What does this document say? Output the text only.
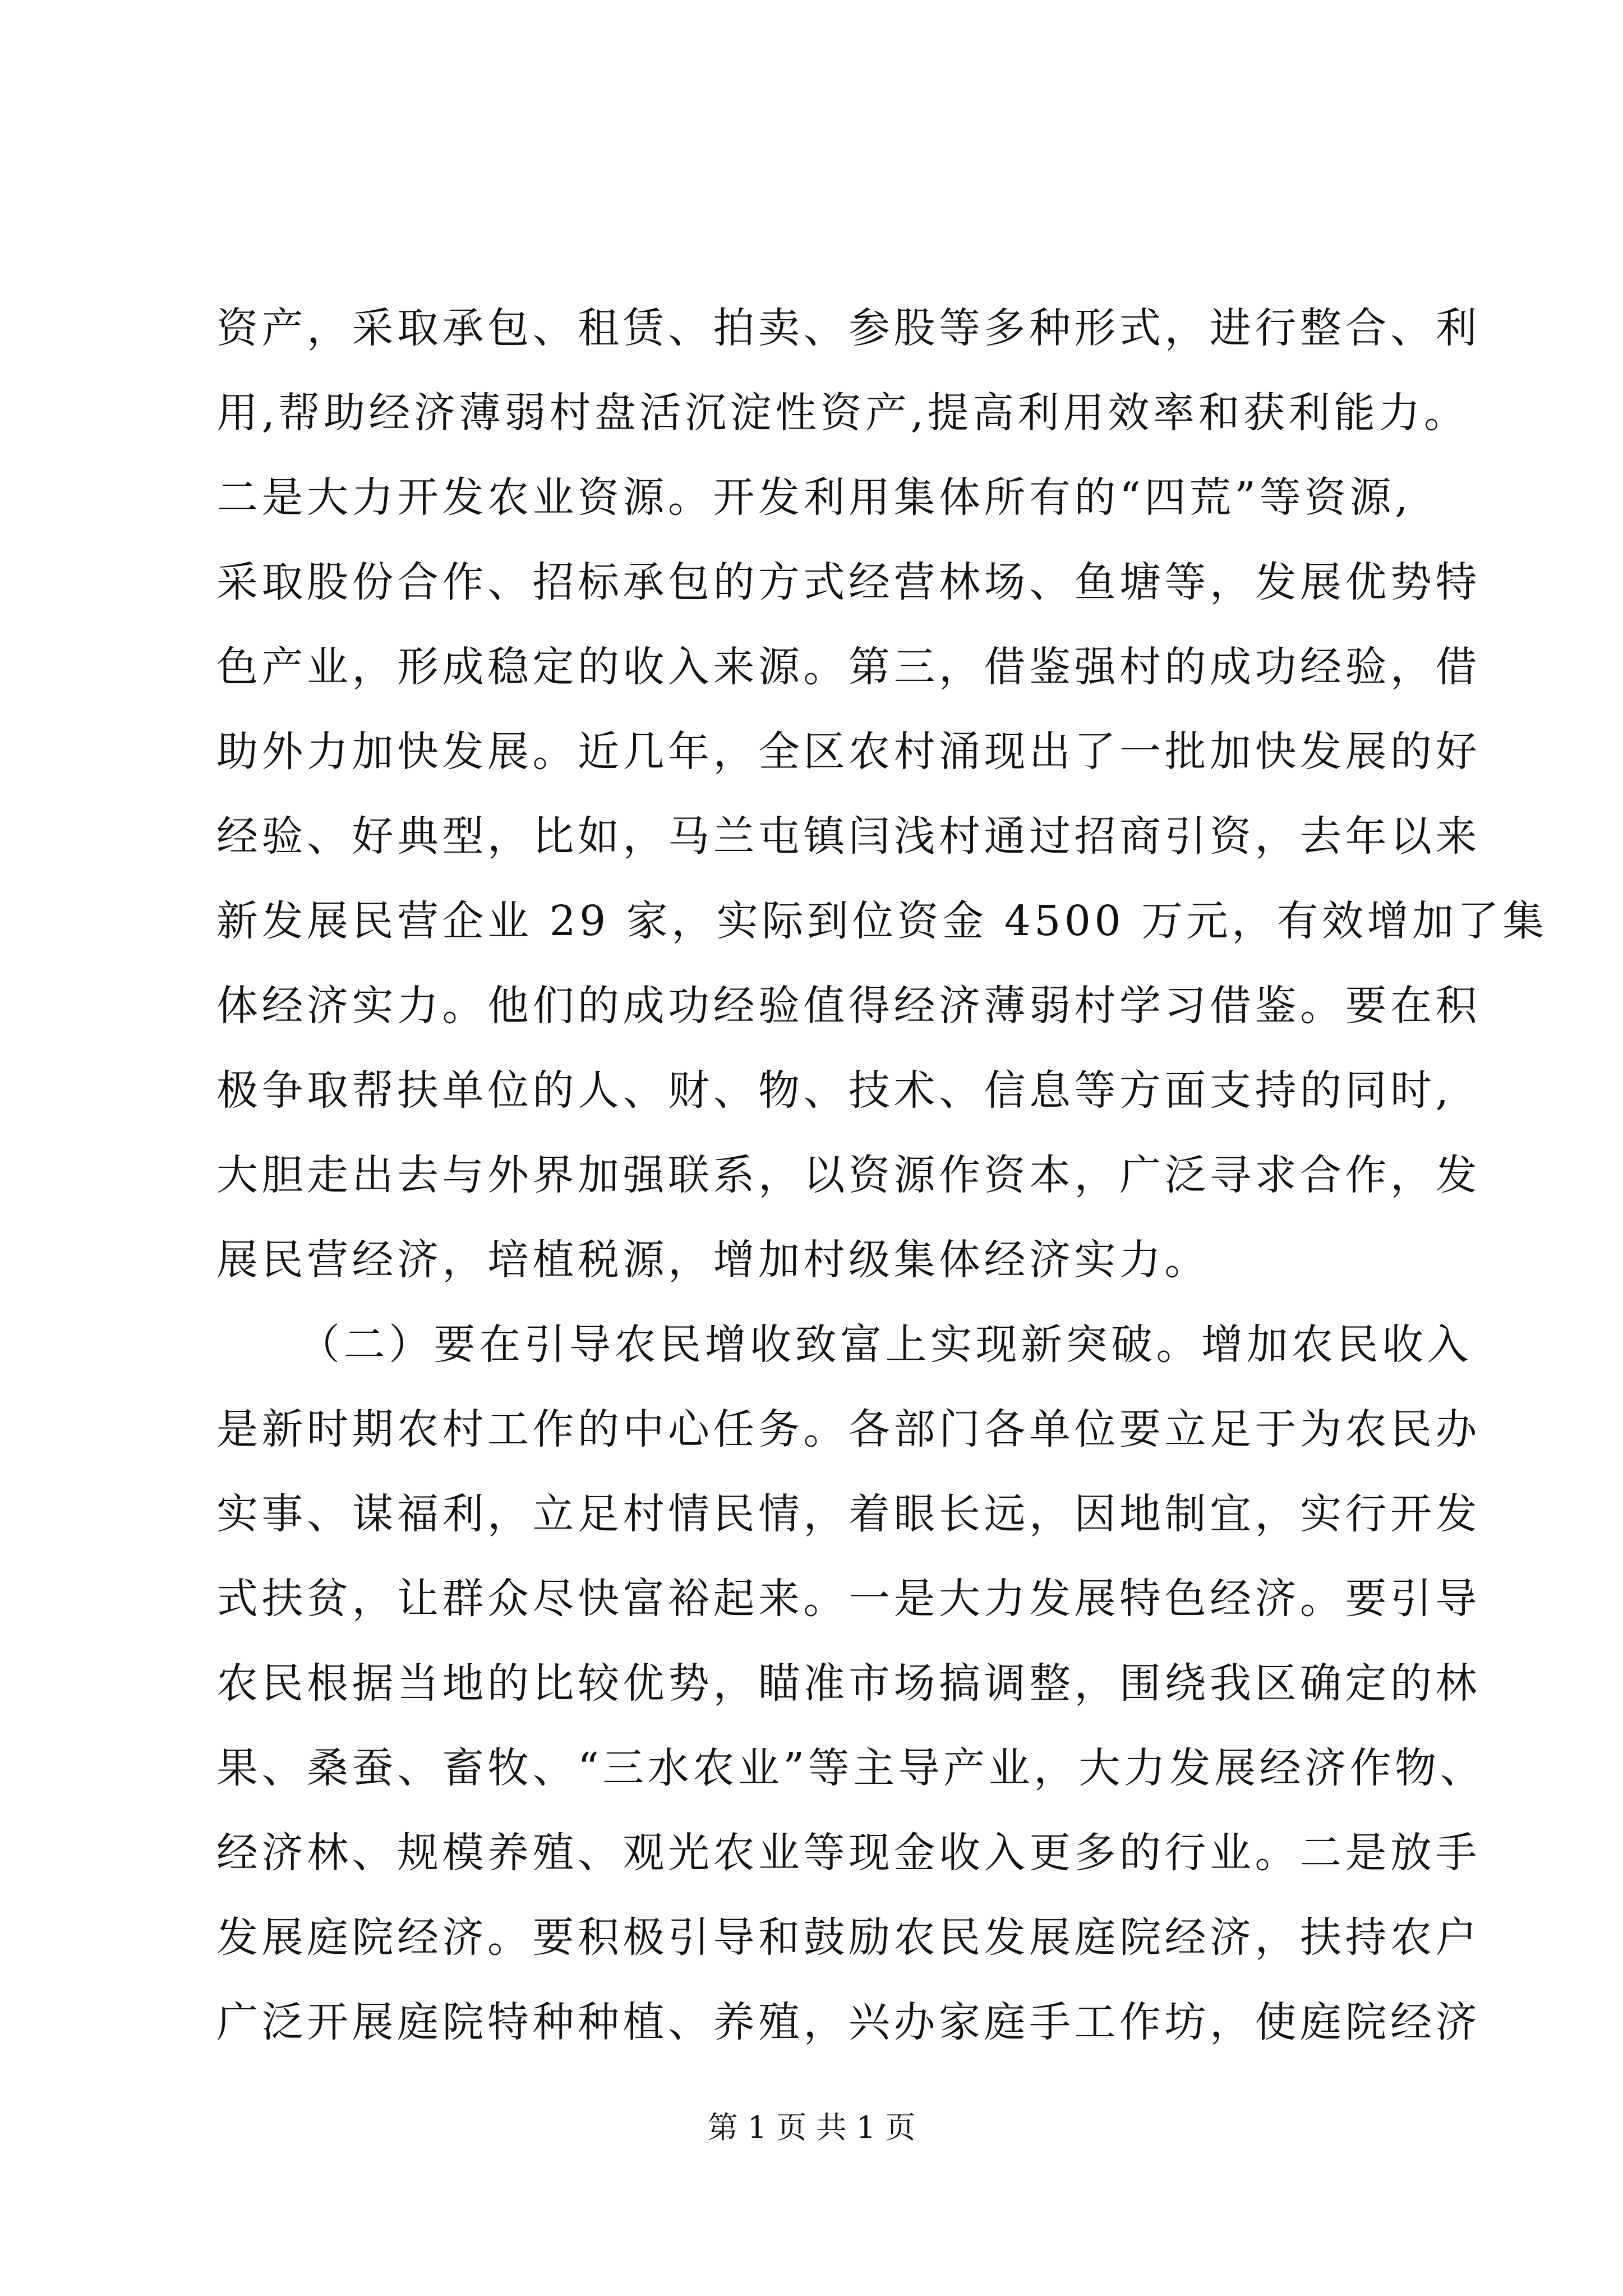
资产，采取承包、租赁、拍卖、参股等多种形式，进行整合、利
用,帮助经济薄弱村盘活沉淀性资产,提高利用效率和获利能力。
二是大力开发农业资源。开发利用集体所有的“四荒”等资源,
采取股份合作、招标承包的方式经营林场、鱼塘等，发展优势特
色产业，形成稳定的收入来源。第三，借鉴强村的成功经验，借
助外力加快发展。近几年，全区农村涌现出了一批加快发展的好
经验、好典型，比如，马兰屯镇闫浅村通过招商引资，去年以来
新发展民营企业 29 家，实际到位资金 4500 万元，有效增加了集
体经济实力。他们的成功经验值得经济薄弱村学习借鉴。要在积
极争取帮扶单位的人、财、物、技术、信息等方面支持的同时,
大胆走出去与外界加强联系，以资源作资本，广泛寻求合作，发
展民营经济，培植税源，增加村级集体经济实力。
（二）要在引导农民增收致富上实现新突破。增加农民收入
是新时期农村工作的中心任务。各部门各单位要立足于为农民办
实事、谋福利，立足村情民情，着眼长远，因地制宜，实行开发
式扶贫，让群众尽快富裕起来。一是大力发展特色经济。要引导
农民根据当地的比较优势，瞄准市场搞调整，围绕我区确定的林
果、桑蚕、畜牧、“三水农业”等主导产业，大力发展经济作物、
经济林、规模养殖、观光农业等现金收入更多的行业。二是放手
发展庭院经济。要积极引导和鼓励农民发展庭院经济，扶持农户
广泛开展庭院特种种植、养殖，兴办家庭手工作坊，使庭院经济
第 1 页 共 1 页
